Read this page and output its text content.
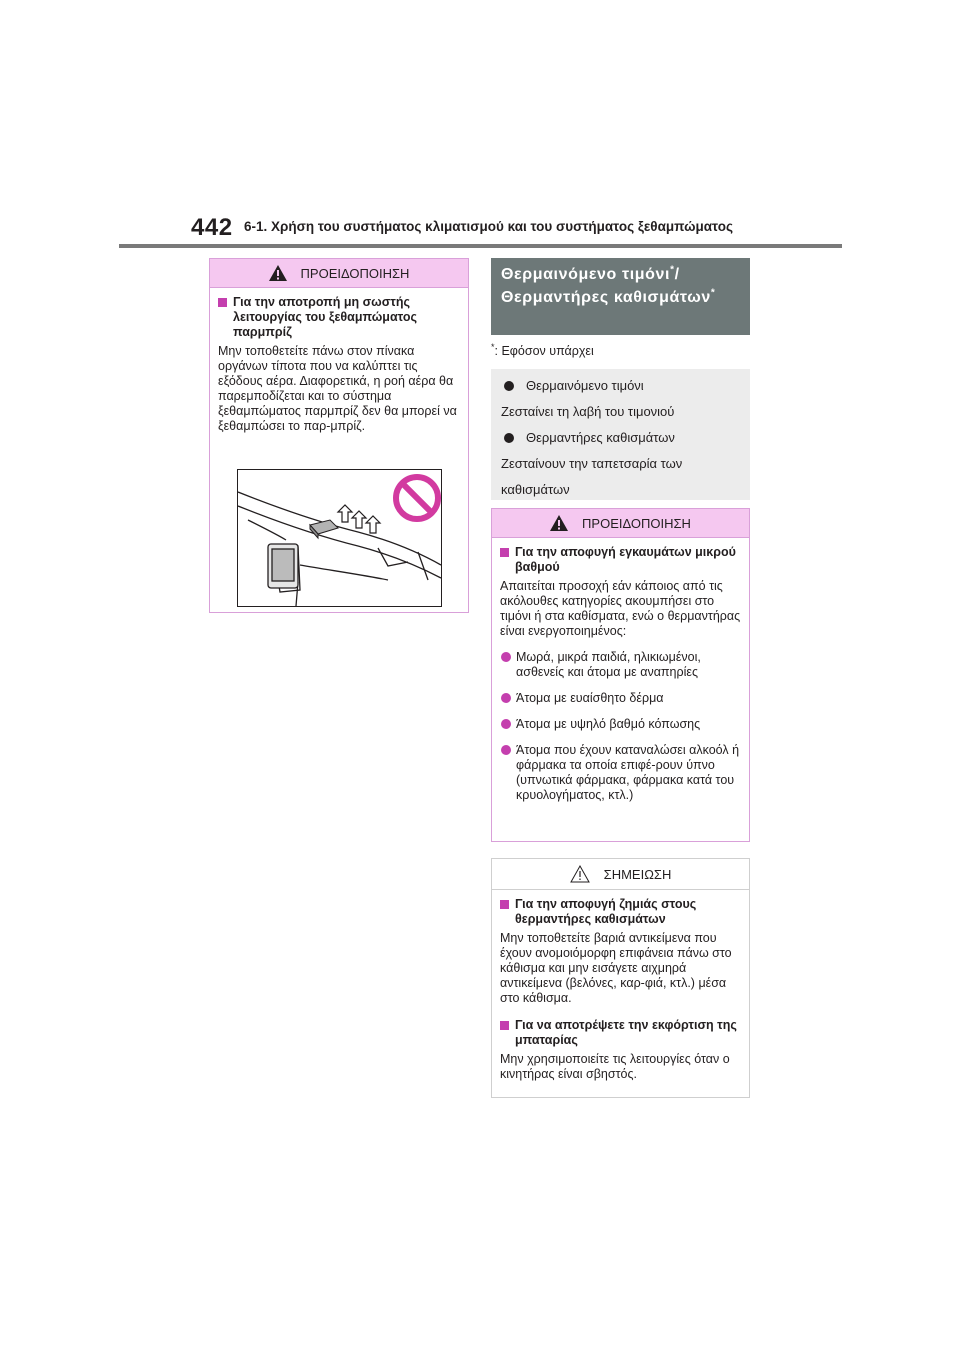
442 6-1. Χρήση του συστήματος κλιματισμού και του συστήματος ξεθαμπώματος
ΠΡΟΕΙΔΟΠΟΙΗΣΗ
Για την αποτροπή μη σωστής λειτουργίας του ξεθαμπώματος παρμπρίζ
Μην τοποθετείτε πάνω στον πίνακα οργάνων τίποτα που να καλύπτει τις εξόδους αέρα. Διαφορετικά, η ροή αέρα θα παρεμποδίζεται και το σύστημα ξεθαμπώματος παρμπρίζ δεν θα μπορεί να ξεθαμπώσει το παρ-μπρίζ.
Θερμαινόμενο τιμόνι*/Θερμαντήρες καθισμάτων*
*: Εφόσον υπάρχει
Θερμαινόμενο τιμόνι
Ζεσταίνει τη λαβή του τιμονιού
Θερμαντήρες καθισμάτων
Ζεσταίνουν την ταπετσαρία των καθισμάτων
ΠΡΟΕΙΔΟΠΟΙΗΣΗ
Για την αποφυγή εγκαυμάτων μικρού βαθμού
Απαιτείται προσοχή εάν κάποιος από τις ακόλουθες κατηγορίες ακουμπήσει στο τιμόνι ή στα καθίσματα, ενώ ο θερμαντήρας είναι ενεργοποιημένος:
Μωρά, μικρά παιδιά, ηλικιωμένοι, ασθενείς και άτομα με αναπηρίες
Άτομα με ευαίσθητο δέρμα
Άτομα με υψηλό βαθμό κόπωσης
Άτομα που έχουν καταναλώσει αλκοόλ ή φάρμακα τα οποία επιφέ-ρουν ύπνο (υπνωτικά φάρμακα, φάρμακα κατά του κρυολογήματος, κτλ.)
ΣΗΜΕΙΩΣΗ
Για την αποφυγή ζημιάς στους θερμαντήρες καθισμάτων
Μην τοποθετείτε βαριά αντικείμενα που έχουν ανομοιόμορφη επιφάνεια πάνω στο κάθισμα και μην εισάγετε αιχμηρά αντικείμενα (βελόνες, καρ-φιά, κτλ.) μέσα στο κάθισμα.
Για να αποτρέψετε την εκφόρτιση της μπαταρίας
Μην χρησιμοποιείτε τις λειτουργίες όταν ο κινητήρας είναι σβηστός.
